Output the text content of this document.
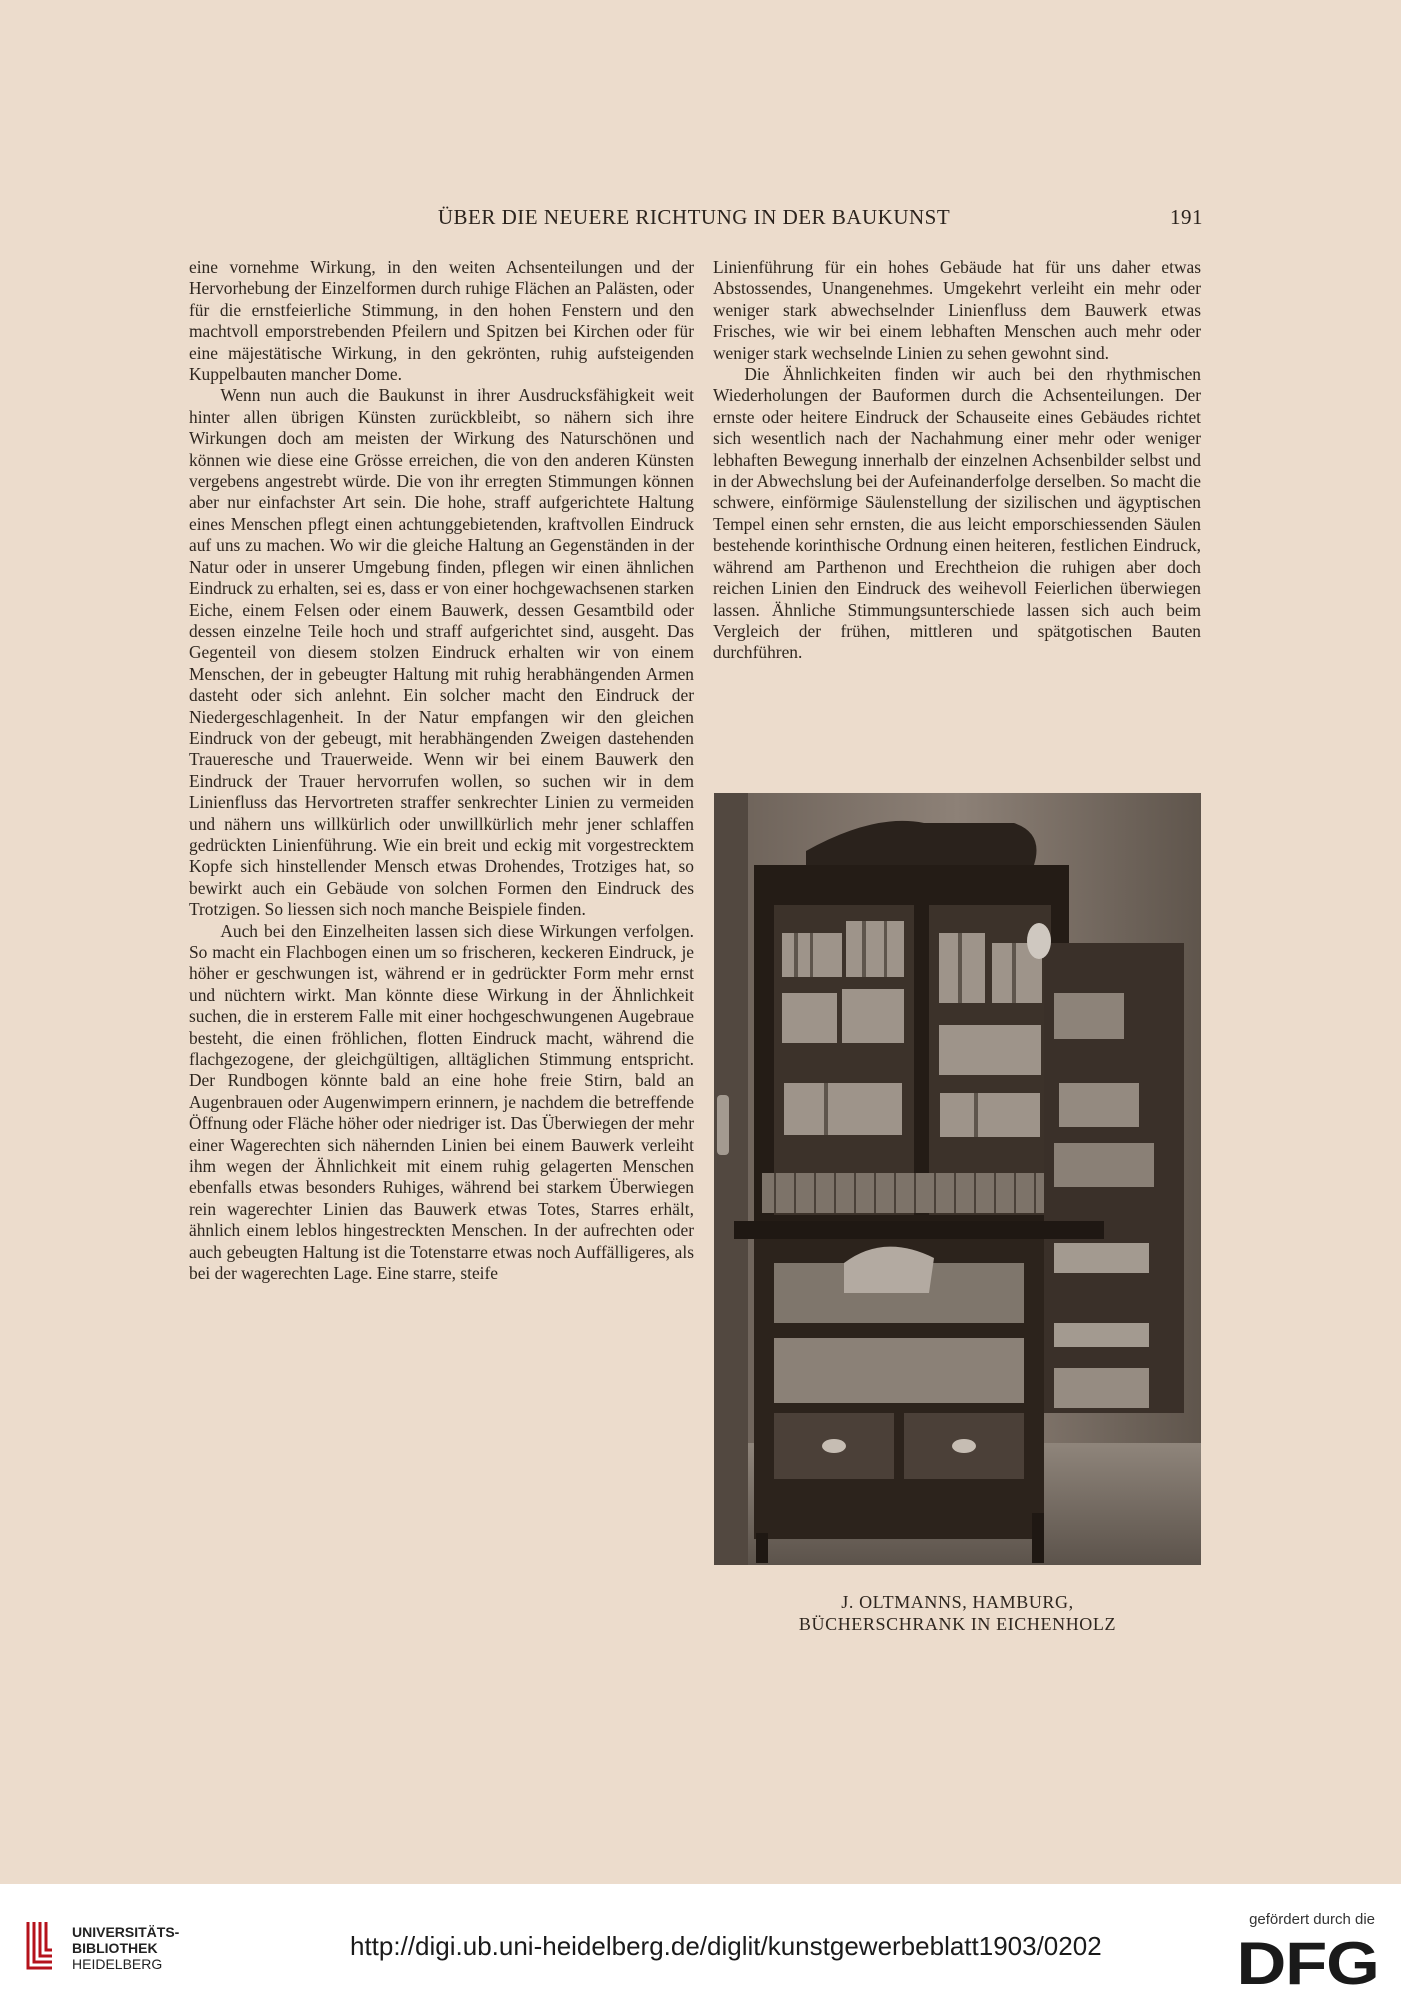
ÜBER DIE NEUERE RICHTUNG IN DER BAUKUNST	191

eine vornehme Wirkung, in den weiten Achsenteilungen und der Hervorhebung der Einzelformen durch ruhige Flächen an Palästen, oder für die ernstfeierliche Stimmung, in den hohen Fenstern und den machtvoll emporstrebenden Pfeilern und Spitzen bei Kirchen oder für eine mäjestätische Wirkung, in den gekrönten, ruhig aufsteigenden Kuppelbauten mancher Dome.

Wenn nun auch die Baukunst in ihrer Ausdrucksfähigkeit weit hinter allen übrigen Künsten zurückbleibt, so nähern sich ihre Wirkungen doch am meisten der Wirkung des Naturschönen und können wie diese eine Grösse erreichen, die von den anderen Künsten vergebens angestrebt würde. Die von ihr erregten Stimmungen können aber nur einfachster Art sein. Die hohe, straff aufgerichtete Haltung eines Menschen pflegt einen achtunggebietenden, kraftvollen Eindruck auf uns zu machen. Wo wir die gleiche Haltung an Gegenständen in der Natur oder in unserer Umgebung finden, pflegen wir einen ähnlichen Eindruck zu erhalten, sei es, dass er von einer hochgewachsenen starken Eiche, einem Felsen oder einem Bauwerk, dessen Gesamtbild oder dessen einzelne Teile hoch und straff aufgerichtet sind, ausgeht. Das Gegenteil von diesem stolzen Eindruck erhalten wir von einem Menschen, der in gebeugter Haltung mit ruhig herabhängenden Armen dasteht oder sich anlehnt. Ein solcher macht den Eindruck der Niedergeschlagenheit. In der Natur empfangen wir den gleichen Eindruck von der gebeugt, mit herabhängenden Zweigen dastehenden Traueresche und Trauerweide. Wenn wir bei einem Bauwerk den Eindruck der Trauer hervorrufen wollen, so suchen wir in dem Linienfluss das Hervortreten straffer senkrechter Linien zu vermeiden und nähern uns willkürlich oder unwillkürlich mehr jener schlaffen gedrückten Linienführung. Wie ein breit und eckig mit vorgestrecktem Kopfe sich hinstellender Mensch etwas Drohendes, Trotziges hat, so bewirkt auch ein Gebäude von solchen Formen den Eindruck des Trotzigen. So liessen sich noch manche Beispiele finden.

Auch bei den Einzelheiten lassen sich diese Wirkungen verfolgen. So macht ein Flachbogen einen um so frischeren, keckeren Eindruck, je höher er geschwungen ist, während er in gedrückter Form mehr ernst und nüchtern wirkt. Man könnte diese Wirkung in der Ähnlichkeit suchen, die in ersterem Falle mit einer hochgeschwungenen Augebraue besteht, die einen fröhlichen, flotten Eindruck macht, während die flachgezogene, der gleichgültigen, alltäglichen Stimmung entspricht. Der Rundbogen könnte bald an eine hohe freie Stirn, bald an Augenbrauen oder Augenwimpern erinnern, je nachdem die betreffende Öffnung oder Fläche höher oder niedriger ist. Das Überwiegen der mehr einer Wagerechten sich nähernden Linien bei einem Bauwerk verleiht ihm wegen der Ähnlichkeit mit einem ruhig gelagerten Menschen ebenfalls etwas besonders Ruhiges, während bei starkem Überwiegen rein wagerechter Linien das Bauwerk etwas Totes, Starres erhält, ähnlich einem leblos hingestreckten Menschen. In der aufrechten oder auch gebeugten Haltung ist die Totenstarre etwas noch Auffälligeres, als bei der wagerechten Lage. Eine starre, steife

Linienführung für ein hohes Gebäude hat für uns daher etwas Abstossendes, Unangenehmes. Umgekehrt verleiht ein mehr oder weniger stark abwechselnder Linienfluss dem Bauwerk etwas Frisches, wie wir bei einem lebhaften Menschen auch mehr oder weniger stark wechselnde Linien zu sehen gewohnt sind.

Die Ähnlichkeiten finden wir auch bei den rhythmischen Wiederholungen der Bauformen durch die Achsenteilungen. Der ernste oder heitere Eindruck der Schauseite eines Gebäudes richtet sich wesentlich nach der Nachahmung einer mehr oder weniger lebhaften Bewegung innerhalb der einzelnen Achsenbilder selbst und in der Abwechslung bei der Aufeinanderfolge derselben. So macht die schwere, einförmige Säulenstellung der sizilischen und ägyptischen Tempel einen sehr ernsten, die aus leicht emporschiessenden Säulen bestehende korinthische Ordnung einen heiteren, festlichen Eindruck, während am Parthenon und Erechtheion die ruhigen aber doch reichen Linien den Eindruck des weihevoll Feierlichen überwiegen lassen. Ähnliche Stimmungsunterschiede lassen sich auch beim Vergleich der frühen, mittleren und spätgotischen Bauten durchführen.

J. OLTMANNS, HAMBURG,
BÜCHERSCHRANK IN EICHENHOLZ
UNIVERSITÄTS-
BIBLIOTHEK
HEIDELBERG
http://digi.ub.uni-heidelberg.de/diglit/kunstgewerbeblatt1903/0202
gefördert durch die
DFG
